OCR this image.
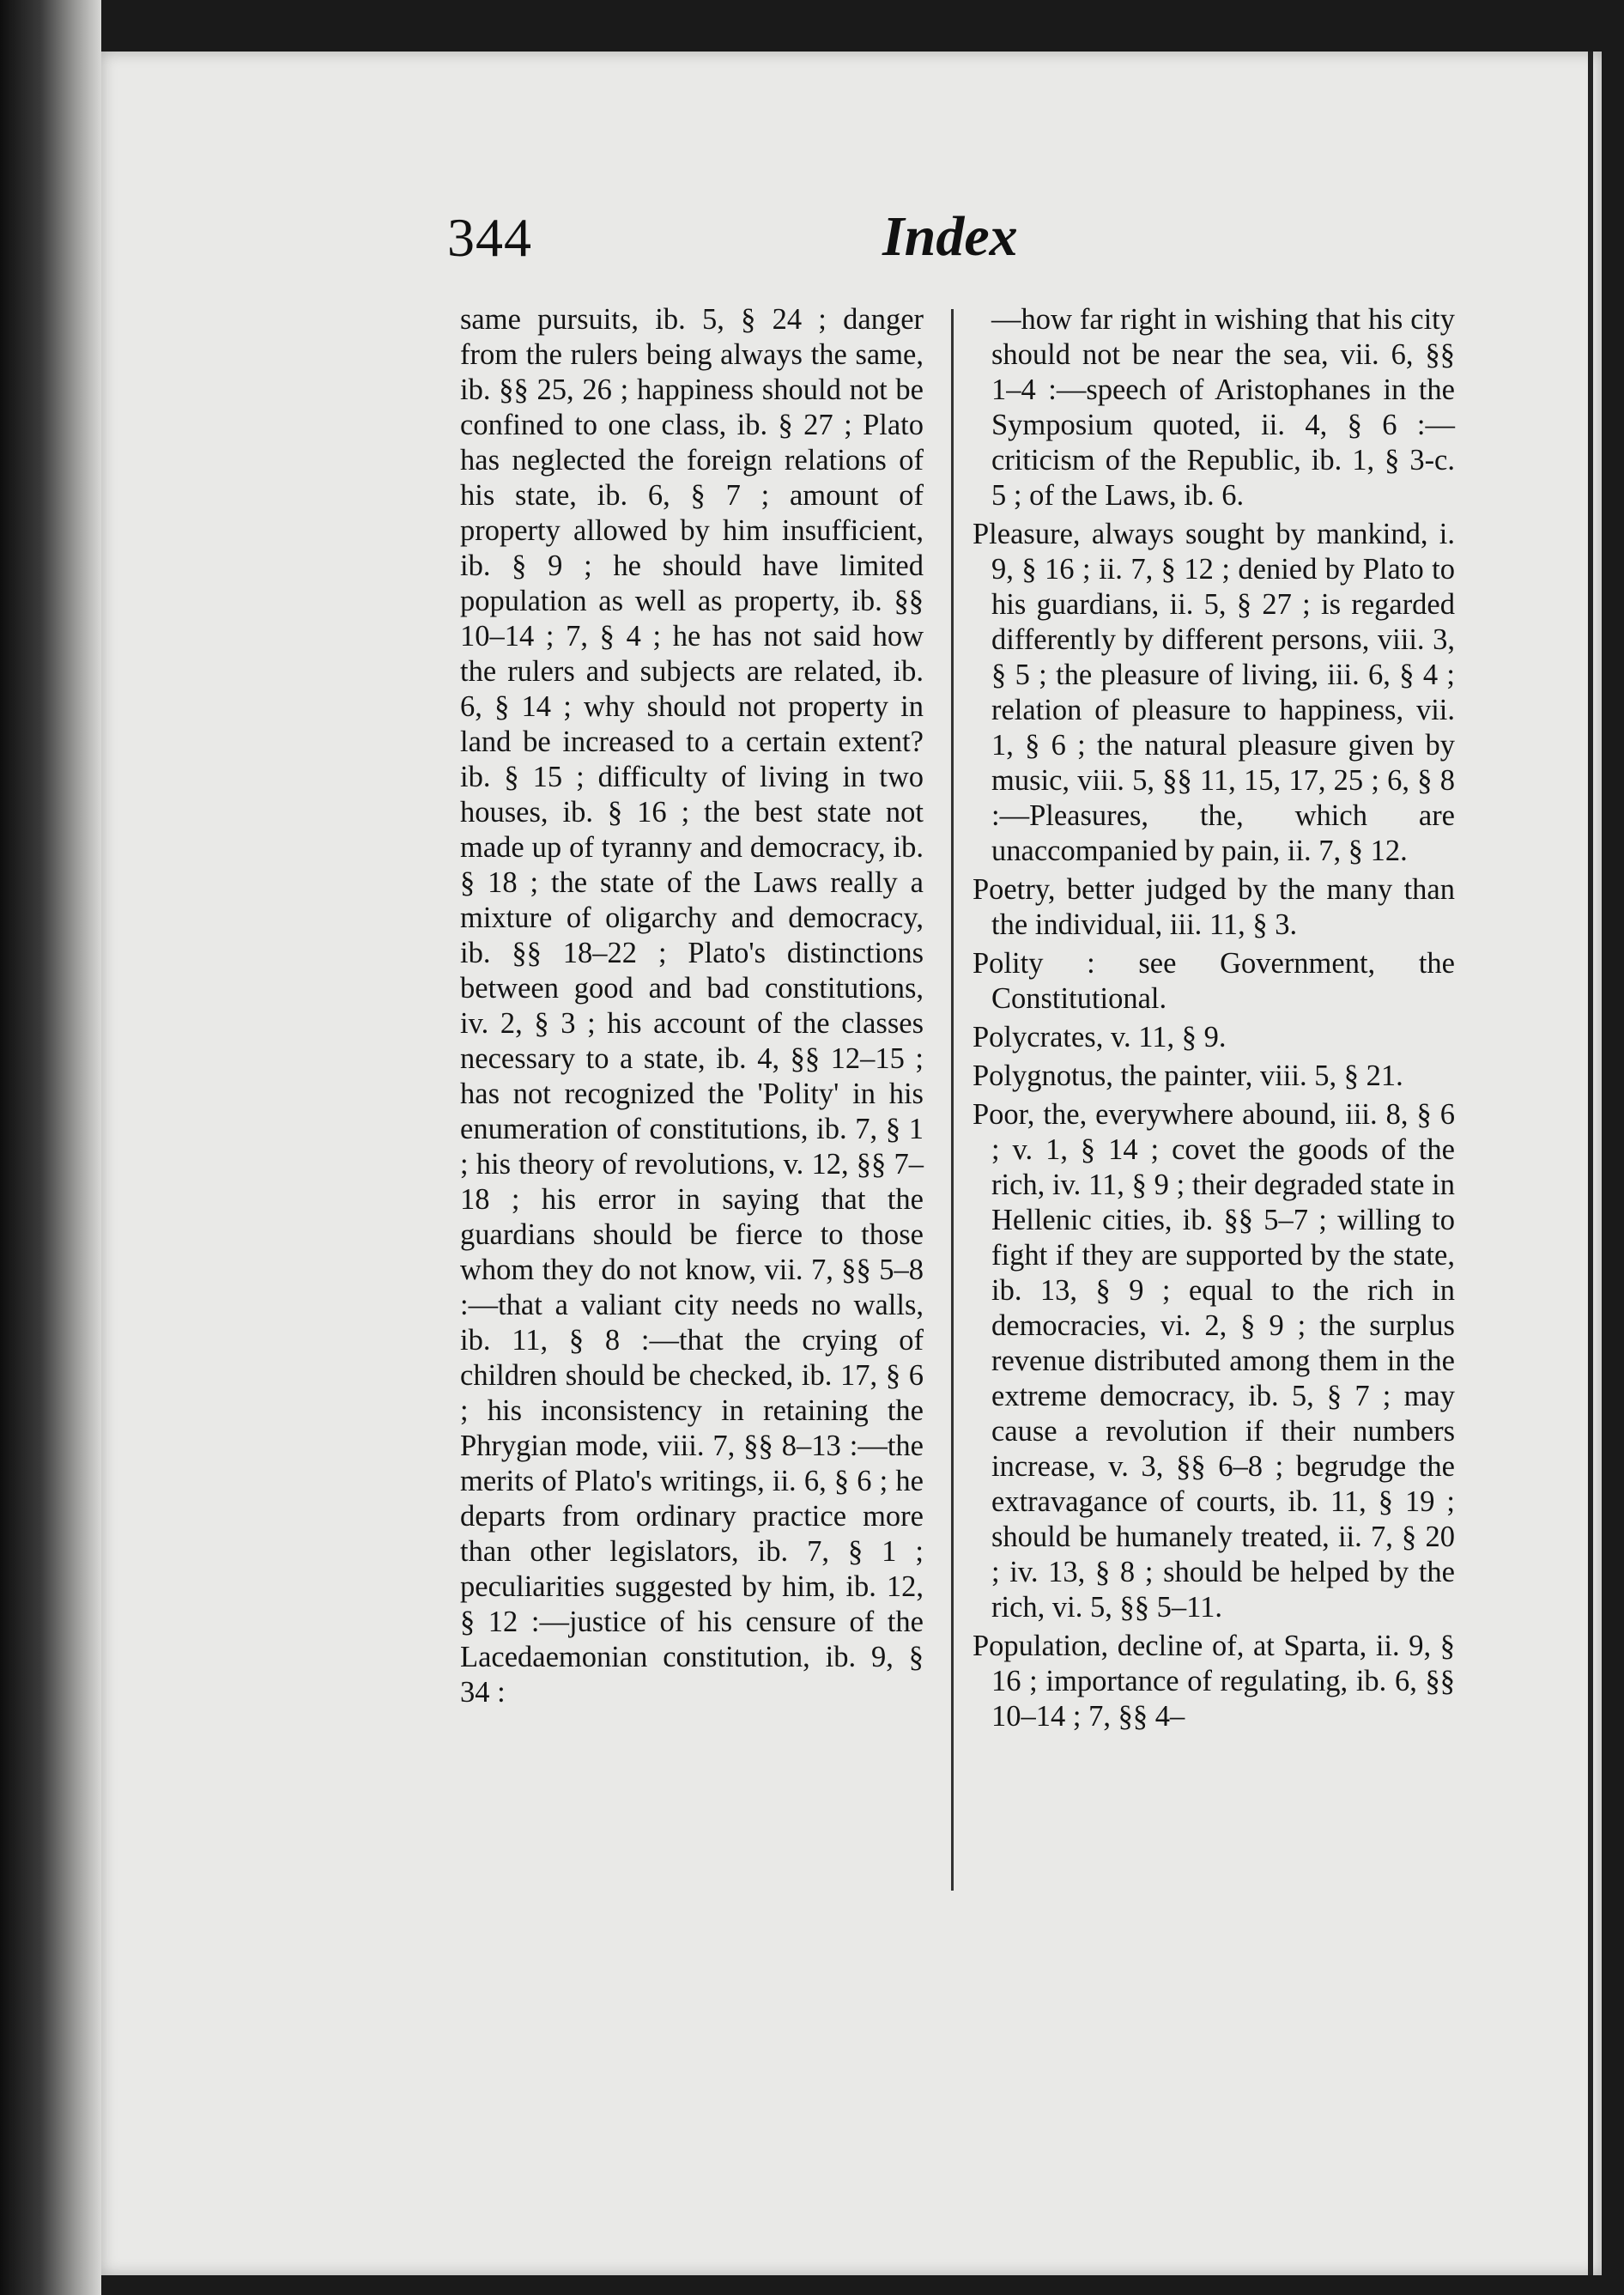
344	Index

same pursuits, ib. 5, § 24 ; danger from the rulers being always the same, ib. §§ 25, 26 ; happiness should not be confined to one class, ib. § 27 ; Plato has neglected the foreign relations of his state, ib. 6, § 7 ; amount of property allowed by him insufficient, ib. § 9 ; he should have limited population as well as property, ib. §§ 10–14 ; 7, § 4 ; he has not said how the rulers and subjects are related, ib. 6, § 14 ; why should not property in land be increased to a certain extent? ib. § 15 ; difficulty of living in two houses, ib. § 16 ; the best state not made up of tyranny and democracy, ib. § 18 ; the state of the Laws really a mixture of oligarchy and democracy, ib. §§ 18–22 ; Plato's distinctions between good and bad constitutions, iv. 2, § 3 ; his account of the classes necessary to a state, ib. 4, §§ 12–15 ; has not recognized the 'Polity' in his enumeration of constitutions, ib. 7, § 1 ; his theory of revolutions, v. 12, §§ 7–18 ; his error in saying that the guardians should be fierce to those whom they do not know, vii. 7, §§ 5–8 :—that a valiant city needs no walls, ib. 11, § 8 :—that the crying of children should be checked, ib. 17, § 6 ; his inconsistency in retaining the Phrygian mode, viii. 7, §§ 8–13 :—the merits of Plato's writings, ii. 6, § 6 ; he departs from ordinary practice more than other legislators, ib. 7, § 1 ; peculiarities suggested by him, ib. 12, § 12 :—justice of his censure of the Lacedaemonian constitution, ib. 9, § 34 :

—how far right in wishing that his city should not be near the sea, vii. 6, §§ 1–4 :—speech of Aristophanes in the Symposium quoted, ii. 4, § 6 :—criticism of the Republic, ib. 1, § 3-c. 5 ; of the Laws, ib. 6.

Pleasure, always sought by mankind, i. 9, § 16 ; ii. 7, § 12 ; denied by Plato to his guardians, ii. 5, § 27 ; is regarded differently by different persons, viii. 3, § 5 ; the pleasure of living, iii. 6, § 4 ; relation of pleasure to happiness, vii. 1, § 6 ; the natural pleasure given by music, viii. 5, §§ 11, 15, 17, 25 ; 6, § 8 :—Pleasures, the, which are unaccompanied by pain, ii. 7, § 12.

Poetry, better judged by the many than the individual, iii. 11, § 3.

Polity : see Government, the Constitutional.

Polycrates, v. 11, § 9.

Polygnotus, the painter, viii. 5, § 21.

Poor, the, everywhere abound, iii. 8, § 6 ; v. 1, § 14 ; covet the goods of the rich, iv. 11, § 9 ; their degraded state in Hellenic cities, ib. §§ 5–7 ; willing to fight if they are supported by the state, ib. 13, § 9 ; equal to the rich in democracies, vi. 2, § 9 ; the surplus revenue distributed among them in the extreme democracy, ib. 5, § 7 ; may cause a revolution if their numbers increase, v. 3, §§ 6–8 ; begrudge the extravagance of courts, ib. 11, § 19 ; should be humanely treated, ii. 7, § 20 ; iv. 13, § 8 ; should be helped by the rich, vi. 5, §§ 5–11.

Population, decline of, at Sparta, ii. 9, § 16 ; importance of regulating, ib. 6, §§ 10–14 ; 7, §§ 4–
